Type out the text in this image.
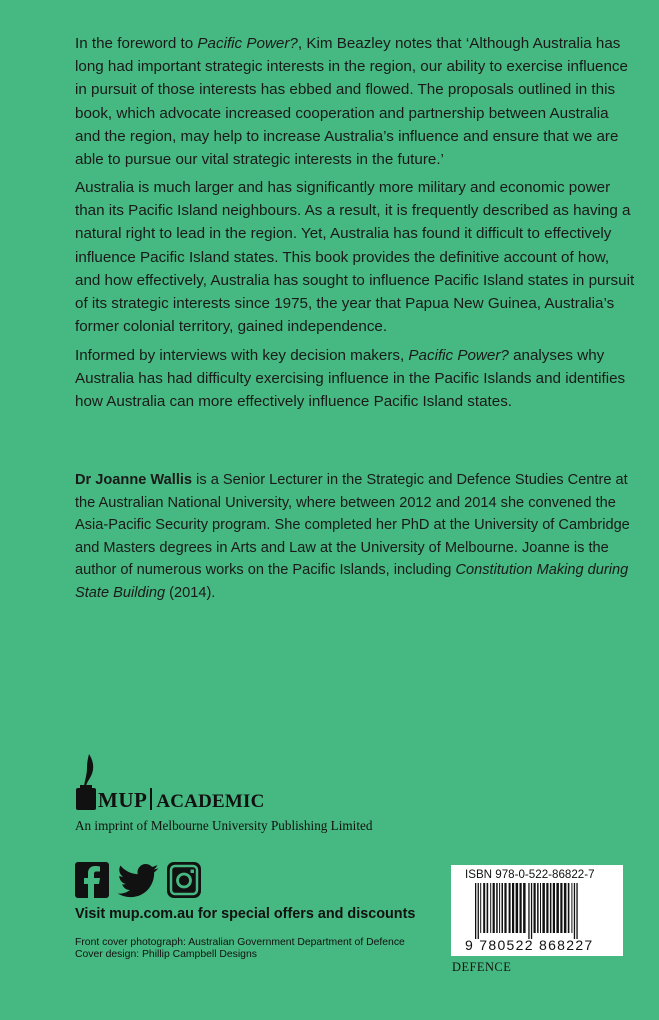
In the foreword to Pacific Power?, Kim Beazley notes that ‘Although Australia has long had important strategic interests in the region, our ability to exercise influence in pursuit of those interests has ebbed and flowed. The proposals outlined in this book, which advocate increased cooperation and partnership between Australia and the region, may help to increase Australia’s influence and ensure that we are able to pursue our vital strategic interests in the future.’

Australia is much larger and has significantly more military and economic power than its Pacific Island neighbours. As a result, it is frequently described as having a natural right to lead in the region. Yet, Australia has found it difficult to effectively influence Pacific Island states. This book provides the definitive account of how, and how effectively, Australia has sought to influence Pacific Island states in pursuit of its strategic interests since 1975, the year that Papua New Guinea, Australia’s former colonial territory, gained independence.

Informed by interviews with key decision makers, Pacific Power? analyses why Australia has had difficulty exercising influence in the Pacific Islands and identifies how Australia can more effectively influence Pacific Island states.

Dr Joanne Wallis is a Senior Lecturer in the Strategic and Defence Studies Centre at the Australian National University, where between 2012 and 2014 she convened the Asia-Pacific Security program. She completed her PhD at the University of Cambridge and Masters degrees in Arts and Law at the University of Melbourne. Joanne is the author of numerous works on the Pacific Islands, including Constitution Making during State Building (2014).

MUP ACADEMIC
An imprint of Melbourne University Publishing Limited
Visit mup.com.au for special offers and discounts
Front cover photograph: Australian Government Department of Defence
Cover design: Phillip Campbell Designs
ISBN 978-0-522-86822-7
9 780522 868227
DEFENCE
